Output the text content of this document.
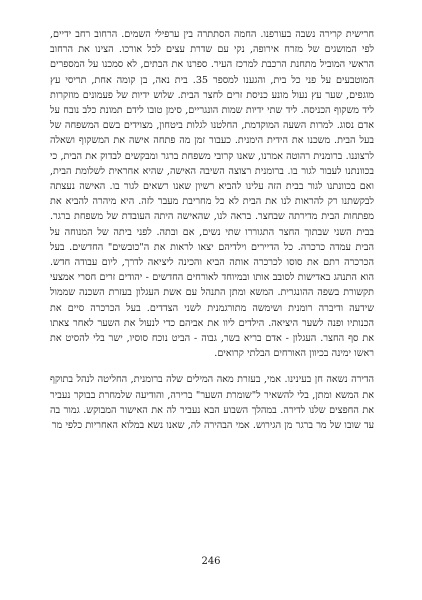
חרישית קרירה נשבה בעורפנו. החמה הסתתרה בין ערפילי השמים. הרחוב רחב ידיים, לפי המושגים של מזרח אירופה, נקי עם שדרת עצים לכל אורכו. הצינו את הרחוב הראשי המוביל מתחנת הרכבת למרכז העיר. ספרנו את הבתים, לא סמכנו על המספרים המוטבעים על פני כל בית, והגענו למספר 35. בית נאה, בן קומה אחת, תריסי עץ מוגפים, שער עץ נעול מונע כניסת זרים לחצר הבית. שלוש ידיות של פעמונים מוזקרות ליד משקוף הכניסה. ליד שתי ידיות שמות הונגריים, סימן טובו לידם תמונת כלב נובח על אדם נסוג. למרות השעה המוקדמת, החלטנו לגלות ביטחון, מצוידים בשם המשפחה של בעל הבית. משכנו את הידית הימנית. כעבור זמן מה פתחה אישה את המשקוף ושאלה לרצוננו. ברומנית רהוטה אמרנו, שאנו קרובי משפחת ברגר ומבקשים לבדוק את הבית, כי בכוונתנו לעבור לגור בו. ברומנית רצוצה השיבה האישה, שהיא אחראית לשלומת הבית, ואם בכוונתנו לגור בבית הזה עלינו להביא רשיון שאנו רשאים לגור בו. האישה נעצתה לבקשתנו רק להראות לנו את הבית לא כל מחריבת מעבר לזה. היא מיהרה להביא את מפתחות הבית מדירתה שבחצר. בראה לנו, שהאישה היתה העובדת של משפחת ברגר. בבית השני שבתוך החצר התגוררו שתי נשים, אם ובתה. לפני ביתה של המנוחה על הבית עמדה כרכרה. כל הדיירים וילדיהם יצאו לראות את ה"כובשים" החדשים. בעל הכרכרה רתם את סוסו לכרכרה אותה הביא והכינה ליציאה לדרך, ליום עבודה חדש. הוא התנהג באדישות לסובב אותו ובמיוחד לאורחים החדשים - יהודים זרים חסרי אמצעי תקשורת בשפה ההונגרית. המשא ומתן התנהל עם אשת העגלון בעזרת השכנה שממול שידעה ודיברה רומנית ושימשה מתורגמנית לשני הצדדים. בעל הכרכרה סיים את הכנותיו ופנה לשער היציאה. הילדים ליוו את אביהם כדי לנעול את השער לאחר צאתו את סף החצר. העגלון - אדם בריא בשר, גבוה - הביט נוכח סוסיו, ישר בלי להסיט את ראשו ימינה בכיוון האורחים הבלתי קרואים.

הדירה נשאה חן בעינינו. אמי, בעזרת מאה המילים שלה ברומנית, החליטה לנהל בתוקף את המשא ומתן, בלי להשאיר ל"שומרת השער" ברירה, והודיעה שלמחרת בבוקר נעביר את החפצים שלנו לדירה. במהלך השבוע הבא נעביר לה את האישור המבוקש. גמור בה עד שובו של מר ברגר מן הגירוש. אמי הבהירה לה, שאנו נשא במלוא האחריות כלפי מר

246
